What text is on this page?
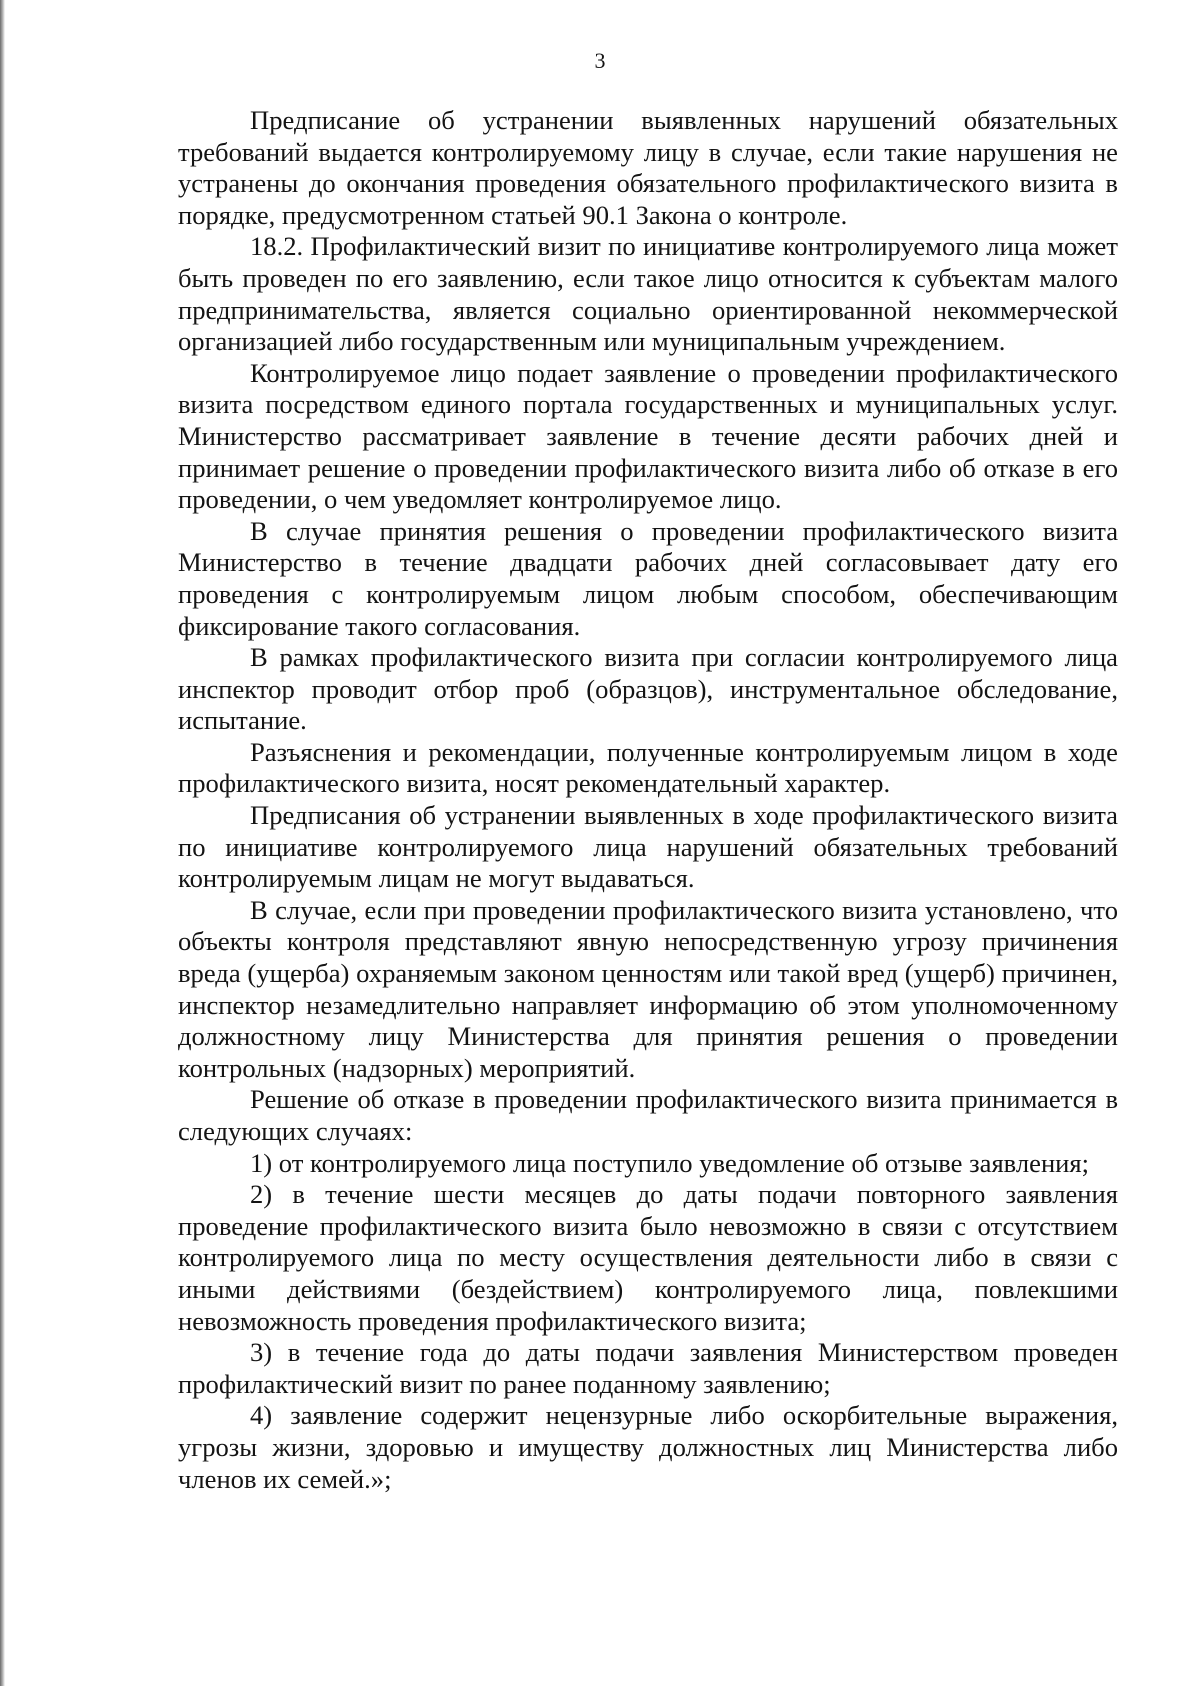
3

Предписание об устранении выявленных нарушений обязательных требований выдается контролируемому лицу в случае, если такие нарушения не устранены до окончания проведения обязательного профилактического визита в порядке, предусмотренном статьей 90.1 Закона о контроле.

18.2. Профилактический визит по инициативе контролируемого лица может быть проведен по его заявлению, если такое лицо относится к субъектам малого предпринимательства, является социально ориентированной некоммерческой организацией либо государственным или муниципальным учреждением.

Контролируемое лицо подает заявление о проведении профилактического визита посредством единого портала государственных и муниципальных услуг. Министерство рассматривает заявление в течение десяти рабочих дней и принимает решение о проведении профилактического визита либо об отказе в его проведении, о чем уведомляет контролируемое лицо.

В случае принятия решения о проведении профилактического визита Министерство в течение двадцати рабочих дней согласовывает дату его проведения с контролируемым лицом любым способом, обеспечивающим фиксирование такого согласования.

В рамках профилактического визита при согласии контролируемого лица инспектор проводит отбор проб (образцов), инструментальное обследование, испытание.

Разъяснения и рекомендации, полученные контролируемым лицом в ходе профилактического визита, носят рекомендательный характер.

Предписания об устранении выявленных в ходе профилактического визита по инициативе контролируемого лица нарушений обязательных требований контролируемым лицам не могут выдаваться.

В случае, если при проведении профилактического визита установлено, что объекты контроля представляют явную непосредственную угрозу причинения вреда (ущерба) охраняемым законом ценностям или такой вред (ущерб) причинен, инспектор незамедлительно направляет информацию об этом уполномоченному должностному лицу Министерства для принятия решения о проведении контрольных (надзорных) мероприятий.

Решение об отказе в проведении профилактического визита принимается в следующих случаях:

1) от контролируемого лица поступило уведомление об отзыве заявления;

2) в течение шести месяцев до даты подачи повторного заявления проведение профилактического визита было невозможно в связи с отсутствием контролируемого лица по месту осуществления деятельности либо в связи с иными действиями (бездействием) контролируемого лица, повлекшими невозможность проведения профилактического визита;

3) в течение года до даты подачи заявления Министерством проведен профилактический визит по ранее поданному заявлению;

4) заявление содержит нецензурные либо оскорбительные выражения, угрозы жизни, здоровью и имуществу должностных лиц Министерства либо членов их семей.»;
